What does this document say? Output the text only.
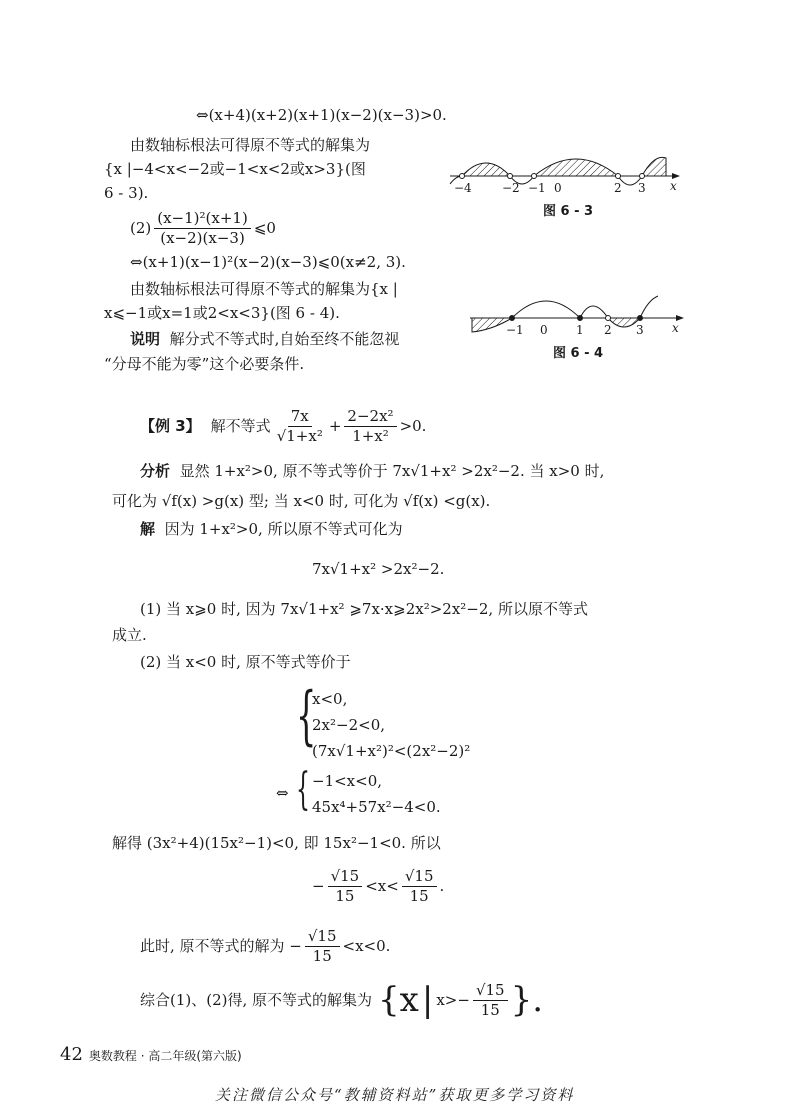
⇔(x+4)(x+2)(x+1)(x−2)(x−3)>0.
由数轴标根法可得原不等式的解集为
{x |−4<x<−2或−1<x<2或x>3}(图
6 - 3).
$(2) \frac{\text{(x−1)²(x+1)}}{(x-2)(x-3)}$ ⩽0
⇔(x+1)(x−1)²(x−2)(x−3)⩽0(x≠2, 3).
由数轴标根法可得原不等式的解集为{x |
x⩽−1或x=1或2<x<3}(图 6 - 4).
说明 解分式不等式时,自始至终不能忽视
“分母不能为零”这个必要条件.
−4	−2 −1 0	2 3 x
图 6 - 3
−1 0 1 2 3 x
图 6 - 4
【例 3】 解不等式 $\frac{7x}{\text{√1+x²}} + \frac{\text{2−2x²}}{\text{1+x²}} >0$.
分析 显然 1+x²>0, 原不等式等价于 7x√1+x² >2x²−2. 当 x>0 时,
可化为 √f(x) >g(x) 型; 当 x<0 时, 可化为 √f(x) <g(x).
解 因为 1+x²>0, 所以原不等式可化为
7x√1+x² >2x²−2.
(1) 当 x⩾0 时, 因为 7x√1+x² ⩾7x·x⩾2x²>2x²−2, 所以原不等式
成立.
(2) 当 x<0 时, 原不等式等价于
{
x<0,
2x²−2<0,
(7x√1+x²)²<(2x²−2)²
⇔ { −1<x<0,
45x⁴+57x²−4<0.
解得 (3x²+4)(15x²−1)<0, 即 15x²−1<0. 所以
− $\frac{√15}{15} <x< \frac{√15}{15}$ .
此时, 原不等式的解为 − $\frac{√15}{15} <x<0$.
综合(1)、(2)得, 原不等式的解集为 {x | $x>- \frac{√15}{15}$ }.
42 奥数教程 · 高二年级(第六版)
关注微信公众号“教辅资料站”获取更多学习资料
